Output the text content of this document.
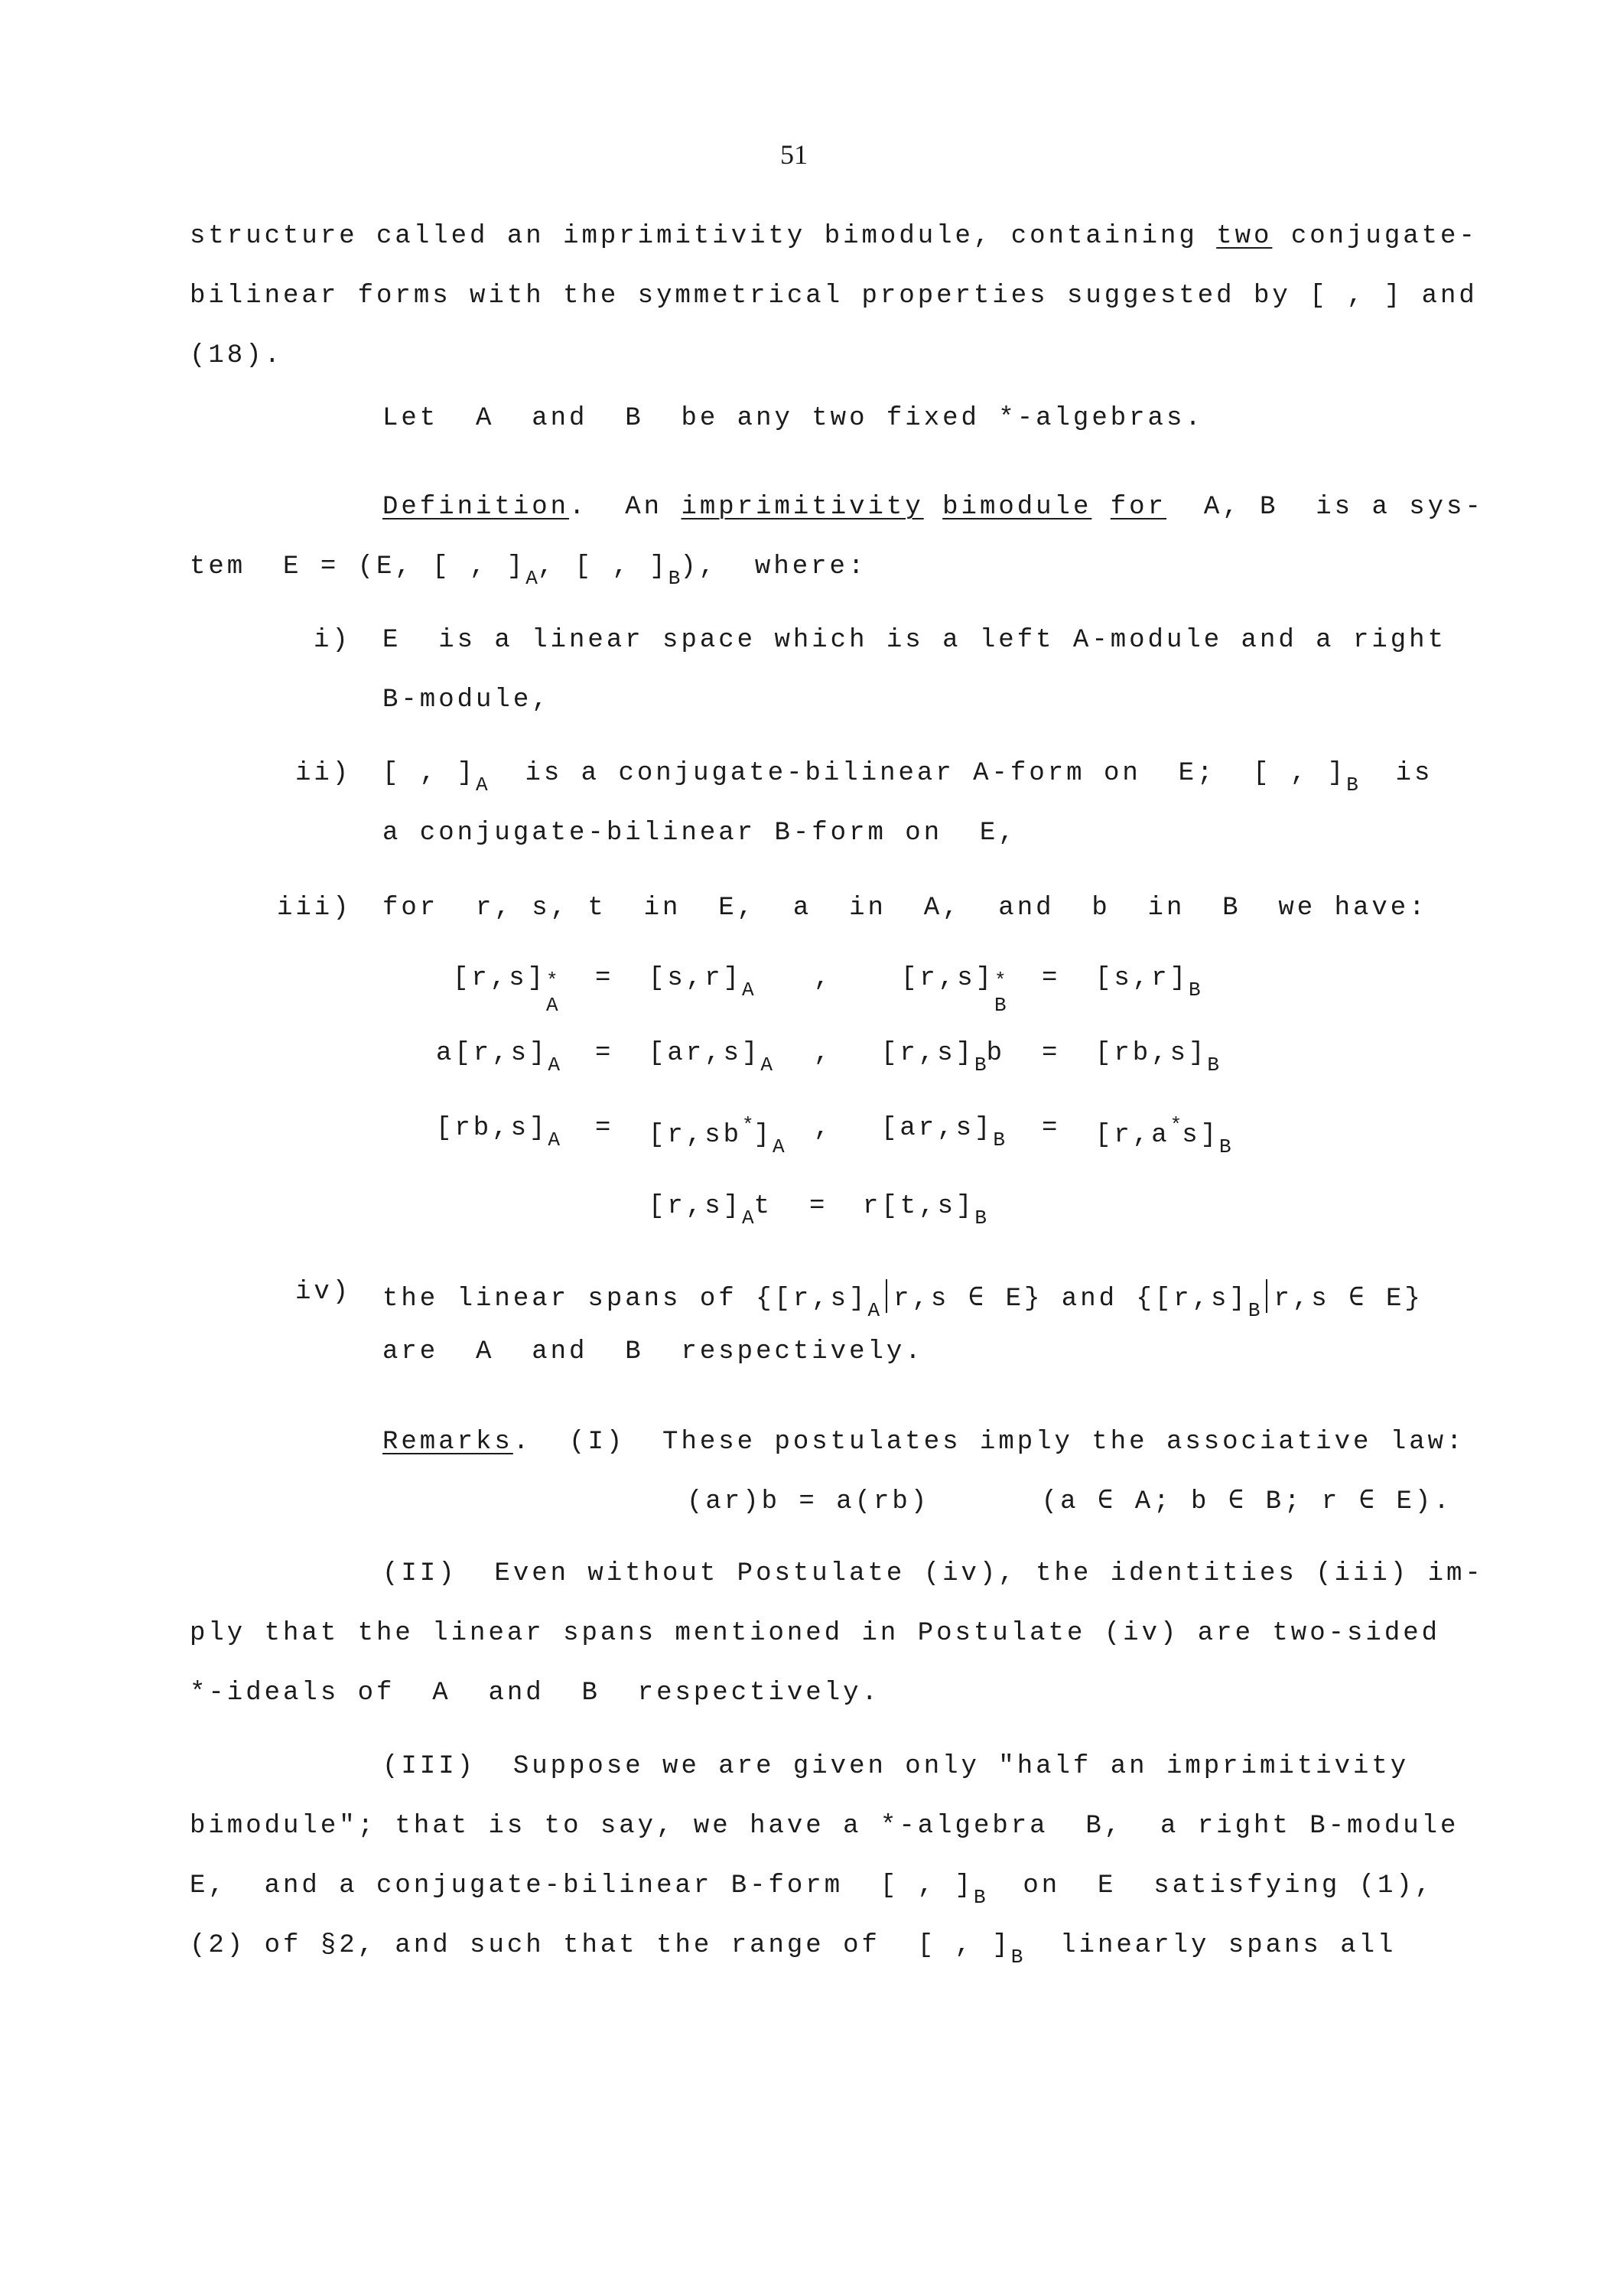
51
structure called an imprimitivity bimodule, containing two conjugate-
bilinear forms with the symmetrical properties suggested by [ , ] and
(18).
Let  A  and  B  be any two fixed *-algebras.
Definition.  An imprimitivity bimodule for A, B  is a sys-
tem  E = (E, [ , ]$_A$, [ , ]$_B$),  where:
i) E  is a linear space which is a left A-module and a right
B-module,
ii) [ , ]$_A$  is a conjugate-bilinear A-form on  E;  [ , ]$_B$  is
a conjugate-bilinear B-form on  E,
iii) for  r, s, t  in  E,  a  in  A,  and  b  in  B  we have:
[r,s] *
A
= $[s,r]_A$ ,	[r,s] *
B
= $[s,r]_B$
$a[r,s]_A = [ar,s]_A$ , $[r,s]_Bb = [rb,s]_B$
$[rb,s]_A = [r,sb^*]_A$
, $[ar,s]_B = [r,a^*s]_B$
$[r,s]_At = r[t,s]_B$
iv) the linear spans of {$[r,s]_A$ r,s ∈ E} and {$[r,s]_B$ r,s ∈ E}
are  A  and  B  respectively.
Remarks.  (I)  These postulates imply the associative law:
(ar)b = a(rb)      (a ∈ A; b ∈ B; r ∈ E).
(II)  Even without Postulate (iv), the identities (iii) im-
ply that the linear spans mentioned in Postulate (iv) are two-sided
*-ideals of  A  and  B  respectively.
(III)  Suppose we are given only "half an imprimitivity
bimodule"; that is to say, we have a *-algebra  B,  a right B-module
E,  and a conjugate-bilinear B-form  [ , ]$_B$  on  E  satisfying (1),
(2) of §2, and such that the range of  [ , ]$_B$  linearly spans all
